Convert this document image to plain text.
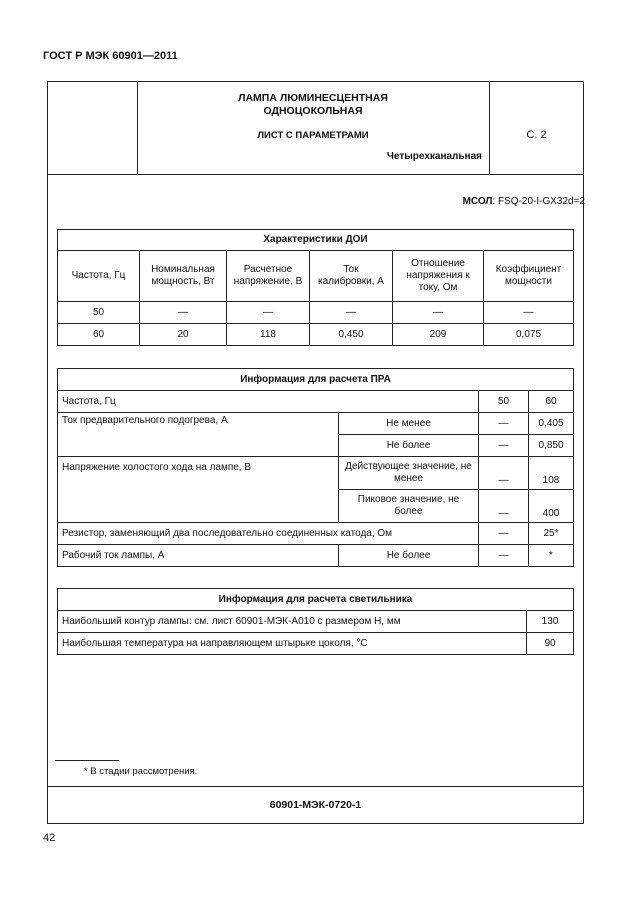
ГОСТ Р МЭК 60901—2011
ЛАМПА ЛЮМИНЕСЦЕНТНАЯ
ОДНОЦОКОЛЬНАЯ
ЛИСТ С ПАРАМЕТРАМИ
Четырехканальная
С. 2
МСОЛ: FSQ-20-I-GX32d=2
Характеристики ДОИ					
Частота, Гц	Номинальная мощность, Вт	Расчетное напряжение, В	Ток калибровки, А	Отношение напряжения к току, Ом	Коэффициент мощности
50	—	—	—	—	—
60	20	118	0,450	209	0,075
Информация для расчета ПРА			
Частота, Гц		50	60
Ток предварительного подогрева, А	Не менее	—	0,405
	Не более	—	0,850
Напряжение холостого хода на лампе, В	Действующее значение, не менее	—	108
	Пиковое значение, не более	—	400
Резистор, заменяющий два последовательно соединенных катода, Ом		—	25*
Рабочий ток лампы, А	Не более	—	*
Информация для расчета светильника	
Наибольший контур лампы: см. лист 60901-МЭК-А010 с размером H, мм	130
Наибольшая температура на направляющем штырьке цоколя, °С	90
* В стадии рассмотрения.
60901-МЭК-0720-1
42
